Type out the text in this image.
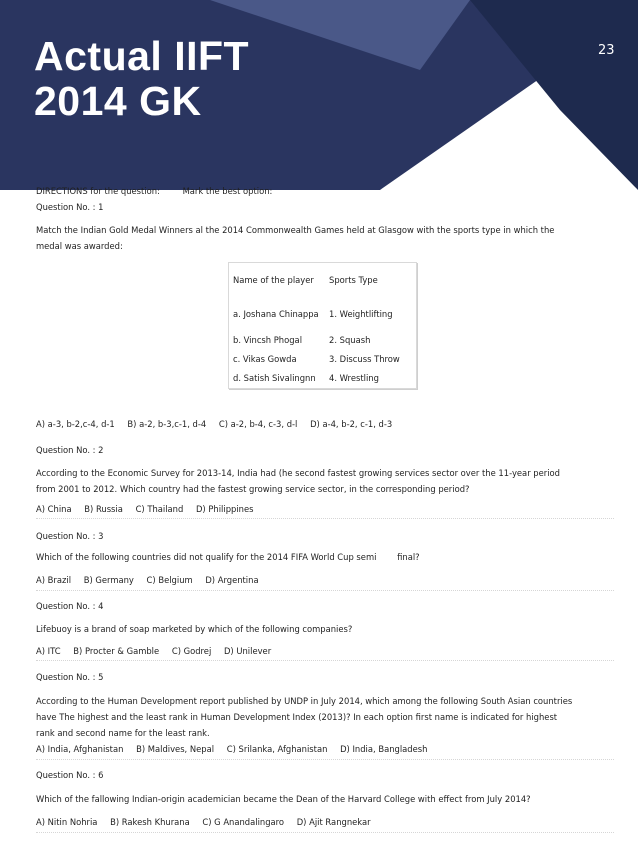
Actual IIFT
2014 GK
23
DIRECTIONS for the question:	Mark the best option:
Question No. : 1
Match the Indian Gold Medal Winners al the 2014 Commonwealth Games held at Glasgow with the sports type in which the medal was awarded:
Name of the player	Sports Type
a. Joshana Chinappa	1. Weightlifting
b. Vincsh Phogal	2. Squash
c. Vikas Gowda	3. Discuss Throw
d. Satish Sivalingnn	4. Wrestling
A) a-3, b-2,c-4, d-1 B) a-2, b-3,c-1, d-4 C) a-2, b-4, c-3, d-l D) a-4, b-2, c-1, d-3
Question No. : 2
According to the Economic Survey for 2013-14, India had (he second fastest growing services sector over the 11-year period from 2001 to 2012. Which country had the fastest growing service sector, in the corresponding period?
A) China B) Russia C) Thailand D) Philippines
Question No. : 3
Which of the following countries did not qualify for the 2014 FIFA World Cup semi final?
A) Brazil B) Germany C) Belgium D) Argentina
Question No. : 4
Lifebuoy is a brand of soap marketed by which of the following companies?
A) ITC B) Procter & Gamble C) Godrej D) Unilever
Question No. : 5
According to the Human Development report published by UNDP in July 2014, which among the following South Asian countries have The highest and the least rank in Human Development Index (2013)? In each option first name is indicated for highest rank and second name for the least rank.
A) India, Afghanistan B) Maldives, Nepal C) Srilanka, Afghanistan D) India, Bangladesh
Question No. : 6
Which of the fallowing Indian-origin academician became the Dean of the Harvard College with effect from July 2014?
A) Nitin Nohria B) Rakesh Khurana C) G Anandalingaro D) Ajit Rangnekar
